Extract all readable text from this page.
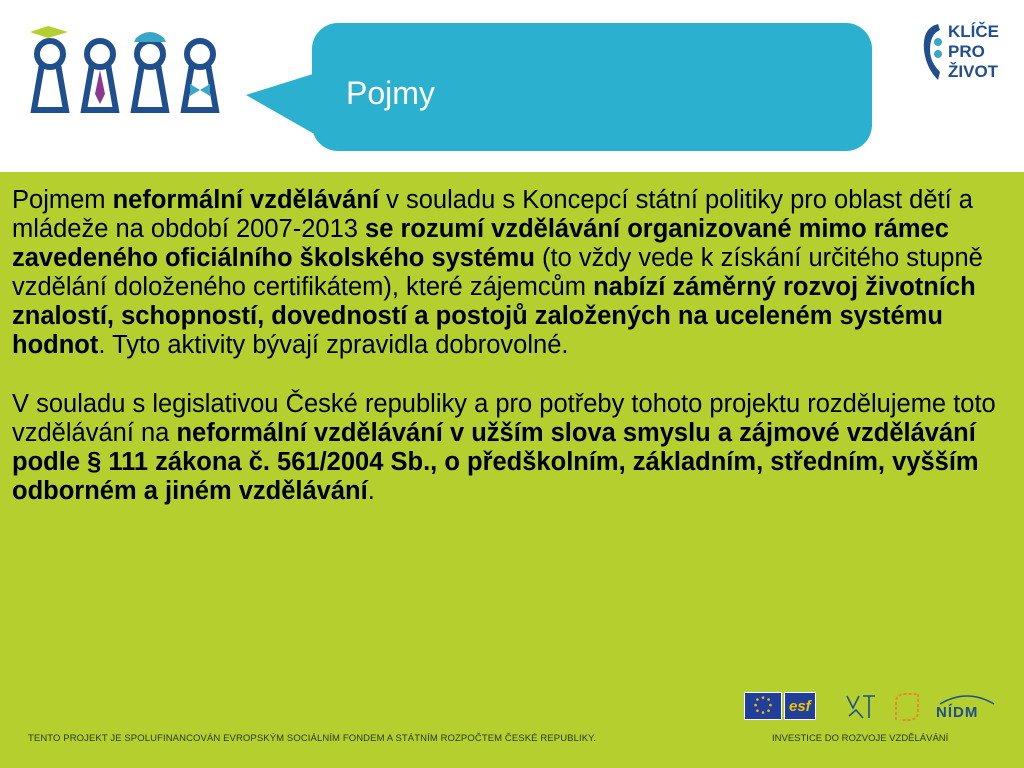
Pojmy
KLÍČE
PRO
ŽIVOT
Pojmem neformální vzdělávání v souladu s Koncepcí státní politiky pro oblast dětí a mládeže na období 2007-2013 se rozumí vzdělávání organizované mimo rámec zavedeného oficiálního školského systému (to vždy vede k získání určitého stupně vzdělání doloženého certifikátem), které zájemcům nabízí záměrný rozvoj životních znalostí, schopností, dovedností a postojů založených na uceleném systému hodnot. Tyto aktivity bývají zpravidla dobrovolné.
V souladu s legislativou České republiky a pro potřeby tohoto projektu rozdělujeme toto vzdělávání na neformální vzdělávání v užším slova smyslu a zájmové vzdělávání podle § 111 zákona č. 561/2004 Sb., o předškolním, základním, středním, vyšším odborném a jiném vzdělávání.
esf	NÍDM
TENTO PROJEKT JE SPOLUFINANCOVÁN EVROPSKÝM SOCIÁLNÍM FONDEM A STÁTNÍM ROZPOČTEM ČESKÉ REPUBLIKY.	INVESTICE DO ROZVOJE VZDĚLÁVÁNÍ
